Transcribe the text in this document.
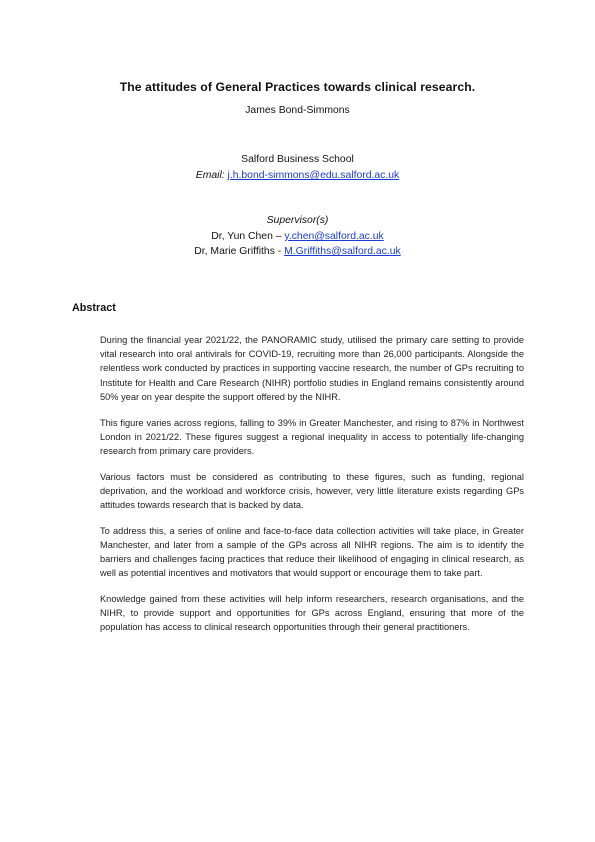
The attitudes of General Practices towards clinical research.
James Bond-Simmons
Salford Business School
Email: j.h.bond-simmons@edu.salford.ac.uk
Supervisor(s)
Dr, Yun Chen – y.chen@salford.ac.uk
Dr, Marie Griffiths - M.Griffiths@salford.ac.uk
Abstract

During the financial year 2021/22, the PANORAMIC study, utilised the primary care setting to provide vital research into oral antivirals for COVID-19, recruiting more than 26,000 participants. Alongside the relentless work conducted by practices in supporting vaccine research, the number of GPs recruiting to Institute for Health and Care Research (NIHR) portfolio studies in England remains consistently around 50% year on year despite the support offered by the NIHR.

This figure varies across regions, falling to 39% in Greater Manchester, and rising to 87% in Northwest London in 2021/22. These figures suggest a regional inequality in access to potentially life-changing research from primary care providers.

Various factors must be considered as contributing to these figures, such as funding, regional deprivation, and the workload and workforce crisis, however, very little literature exists regarding GPs attitudes towards research that is backed by data.

To address this, a series of online and face-to-face data collection activities will take place, in Greater Manchester, and later from a sample of the GPs across all NIHR regions. The aim is to identify the barriers and challenges facing practices that reduce their likelihood of engaging in clinical research, as well as potential incentives and motivators that would support or encourage them to take part.

Knowledge gained from these activities will help inform researchers, research organisations, and the NIHR, to provide support and opportunities for GPs across England, ensuring that more of the population has access to clinical research opportunities through their general practitioners.
